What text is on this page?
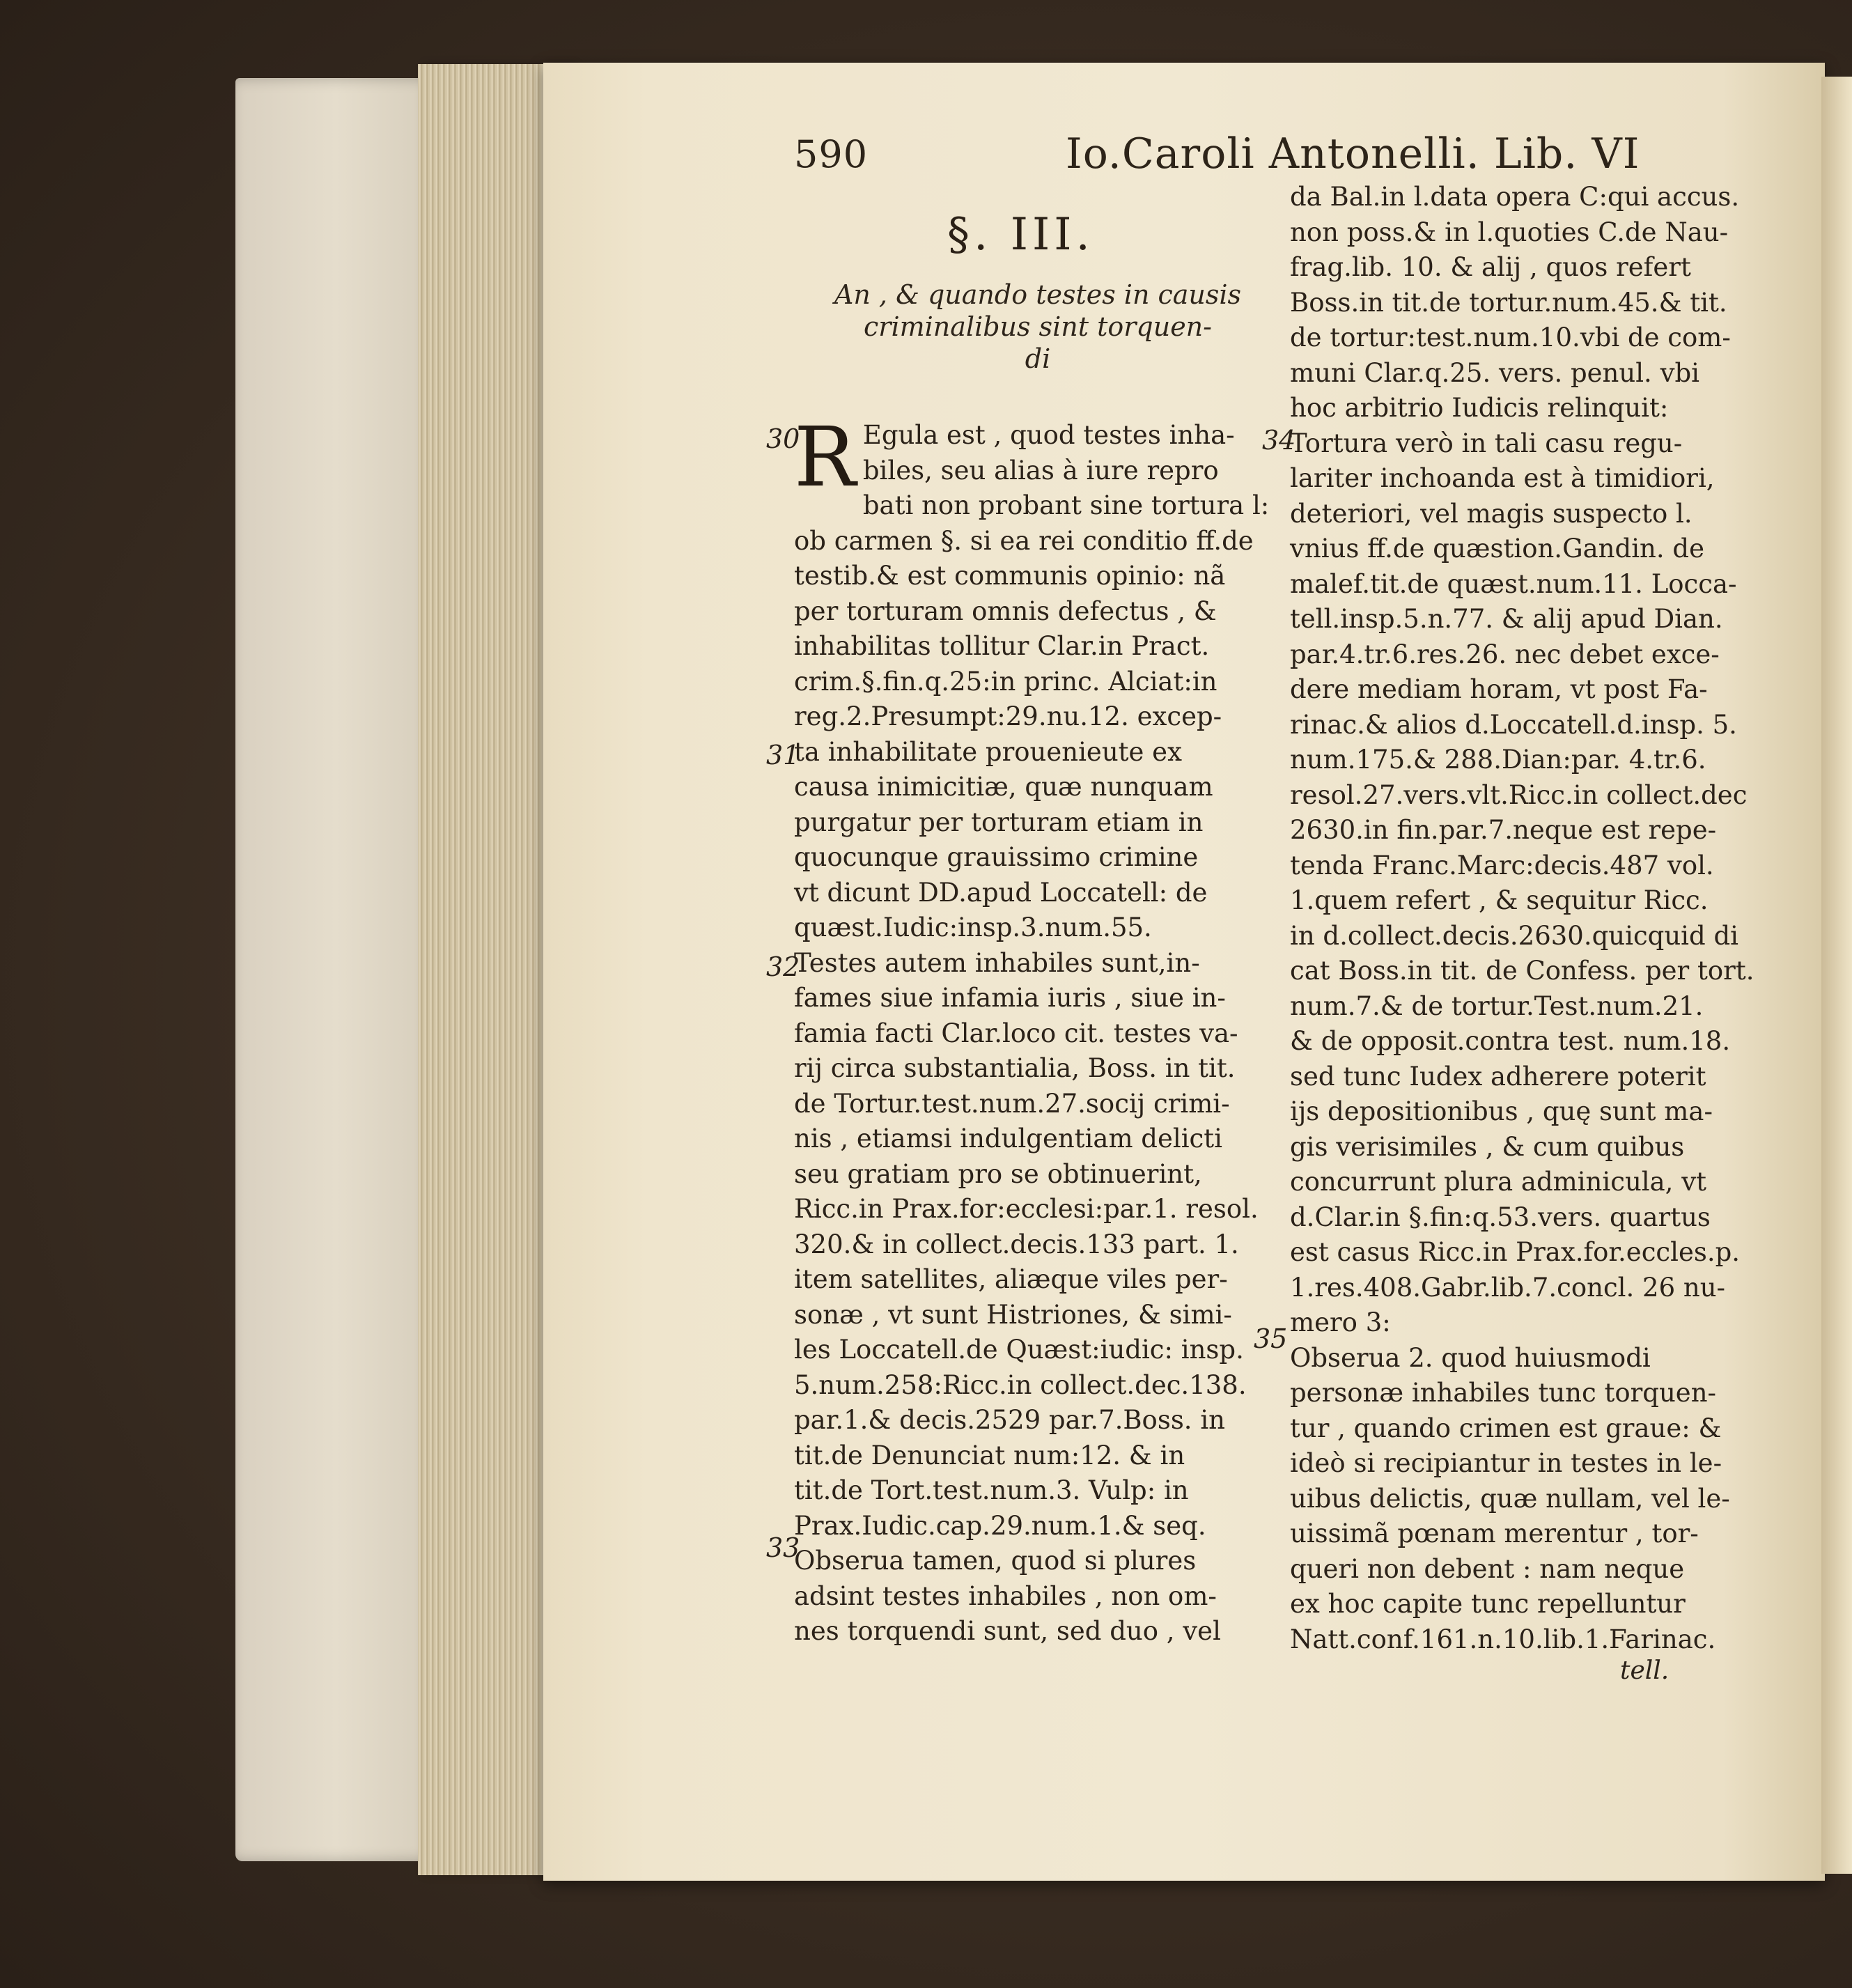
590	Io.Caroli Antonelli. Lib. VI
§. III.
An , & quando testes in causis
criminalibus sint torquen-
di
30
31
32
33
34
35
R Egula est , quod testes inha-
biles, seu alias à iure repro
bati non probant sine tortura l:
ob carmen §. si ea rei conditio ff.de
testib.& est communis opinio: nã
per torturam omnis defectus , &
inhabilitas tollitur Clar.in Pract.
crim.§.fin.q.25:in princ. Alciat:in
reg.2.Presumpt:29.nu.12. excep-
ta inhabilitate prouenieute ex
causa inimicitiæ, quæ nunquam
purgatur per torturam etiam in
quocunque grauissimo crimine
vt dicunt DD.apud Loccatell: de
quæst.Iudic:insp.3.num.55.
Testes autem inhabiles sunt,in-
fames siue infamia iuris , siue in-
famia facti Clar.loco cit. testes va-
rij circa substantialia, Boss. in tit.
de Tortur.test.num.27.socij crimi-
nis , etiamsi indulgentiam delicti
seu gratiam pro se obtinuerint,
Ricc.in Prax.for:ecclesi:par.1. resol.
320.& in collect.decis.133 part. 1.
item satellites, aliæque viles per-
sonæ , vt sunt Histriones, & simi-
les Loccatell.de Quæst:iudic: insp.
5.num.258:Ricc.in collect.dec.138.
par.1.& decis.2529 par.7.Boss. in
tit.de Denunciat num:12. & in
tit.de Tort.test.num.3. Vulp: in
Prax.Iudic.cap.29.num.1.& seq.
Obserua tamen, quod si plures
adsint testes inhabiles , non om-
nes torquendi sunt, sed duo , vel
da Bal.in l.data opera C:qui accus.
non poss.& in l.quoties C.de Nau-
frag.lib. 10. & alij , quos refert
Boss.in tit.de tortur.num.45.& tit.
de tortur:test.num.10.vbi de com-
muni Clar.q.25. vers. penul. vbi
hoc arbitrio Iudicis relinquit:
Tortura verò in tali casu regu-
lariter inchoanda est à timidiori,
deteriori, vel magis suspecto l.
vnius ff.de quæstion.Gandin. de
malef.tit.de quæst.num.11. Locca-
tell.insp.5.n.77. & alij apud Dian.
par.4.tr.6.res.26. nec debet exce-
dere mediam horam, vt post Fa-
rinac.& alios d.Loccatell.d.insp. 5.
num.175.& 288.Dian:par. 4.tr.6.
resol.27.vers.vlt.Ricc.in collect.dec
2630.in fin.par.7.neque est repe-
tenda Franc.Marc:decis.487 vol.
1.quem refert , & sequitur Ricc.
in d.collect.decis.2630.quicquid di
cat Boss.in tit. de Confess. per tort.
num.7.& de tortur.Test.num.21.
& de opposit.contra test. num.18.
sed tunc Iudex adherere poterit
ijs depositionibus , quę sunt ma-
gis verisimiles , & cum quibus
concurrunt plura adminicula, vt
d.Clar.in §.fin:q.53.vers. quartus
est casus Ricc.in Prax.for.eccles.p.
1.res.408.Gabr.lib.7.concl. 26 nu-
mero 3:
Obserua 2. quod huiusmodi
personæ inhabiles tunc torquen-
tur , quando crimen est graue: &
ideò si recipiantur in testes in le-
uibus delictis, quæ nullam, vel le-
uissimã pœnam merentur , tor-
queri non debent : nam neque
ex hoc capite tunc repelluntur
Natt.conf.161.n.10.lib.1.Farinac.
tell.
